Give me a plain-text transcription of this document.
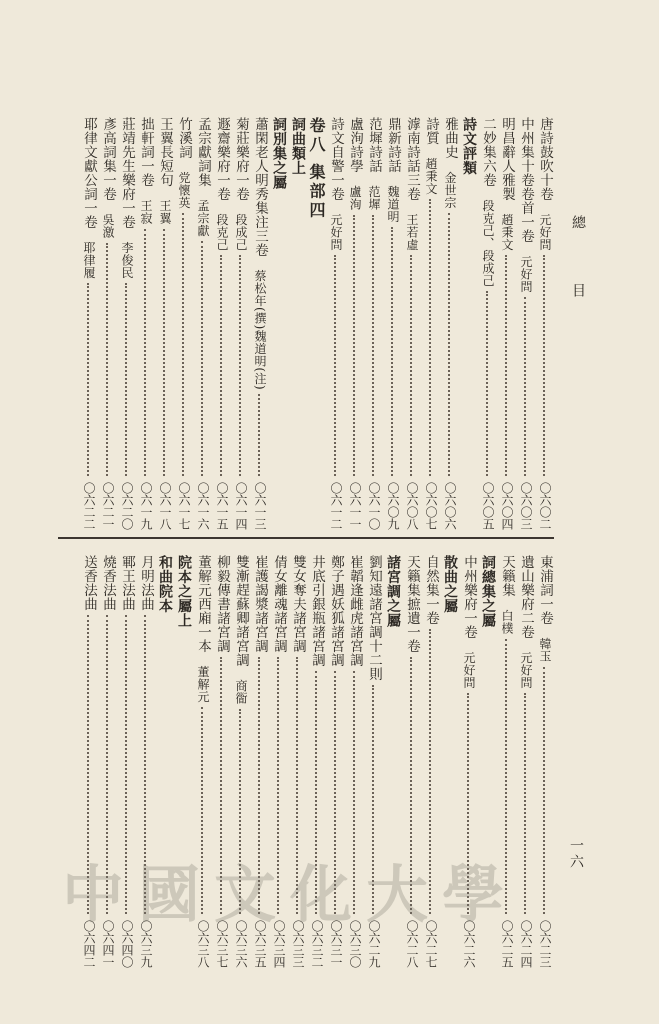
總
目
一六
唐詩鼓吹十卷　元好問
〇六〇二
中州集十卷卷首一卷　元好問
〇六〇三
明昌辭人雅製　趙秉文
〇六〇四
二妙集六卷　段克己、段成己
〇六〇五
詩文評類
雅曲史　金世宗
〇六〇六
詩質　趙秉文
〇六〇七
滹南詩話三卷　王若虛
〇六〇八
鼎新詩話　魏道明
〇六〇九
范墀詩話　范墀
〇六一〇
盧洵詩學　盧洵
〇六一一
詩文自警一卷　元好問
〇六一二
卷八 集部四
詞曲類上
詞別集之屬
蕭閑老人明秀集注三卷　蔡松年(撰)魏道明(注)
〇六一三
菊莊樂府一卷　段成己
〇六一四
遯齋樂府一卷　段克己
〇六一五
孟宗獻詞集　孟宗獻
〇六一六
竹溪詞　党懷英
〇六一七
王翼長短句　王翼
〇六一八
拙軒詞一卷　王寂
〇六一九
莊靖先生樂府一卷　李俊民
〇六二〇
彥高詞集一卷　吳激
〇六二一
耶律文獻公詞一卷　耶律履
〇六二二
東浦詞一卷　韓玉
〇六二三
遺山樂府二卷　元好問
〇六二四
天籟集　白樸
〇六二五
詞總集之屬
中州樂府一卷　元好問
〇六二六
散曲之屬
自然集一卷
〇六二七
天籟集摭遺一卷
〇六二八
諸宮調之屬
劉知遠諸宮調十二則
〇六二九
崔韜逢雌虎諸宮調
〇六三〇
鄭子遇妖狐諸宮調
〇六三一
井底引銀瓶諸宮調
〇六三二
雙女奪夫諸宮調
〇六三三
倩女離魂諸宮調
〇六三四
崔護謁漿諸宮調
〇六三五
雙漸趕蘇卿諸宮調　商衟
〇六三六
柳毅傳書諸宮調
〇六三七
董解元西廂一本　董解元
〇六三八
院本之屬上
和曲院本
月明法曲
〇六三九
鄆王法曲
〇六四〇
燒香法曲
〇六四一
送香法曲
〇六四二
中國文化大學
